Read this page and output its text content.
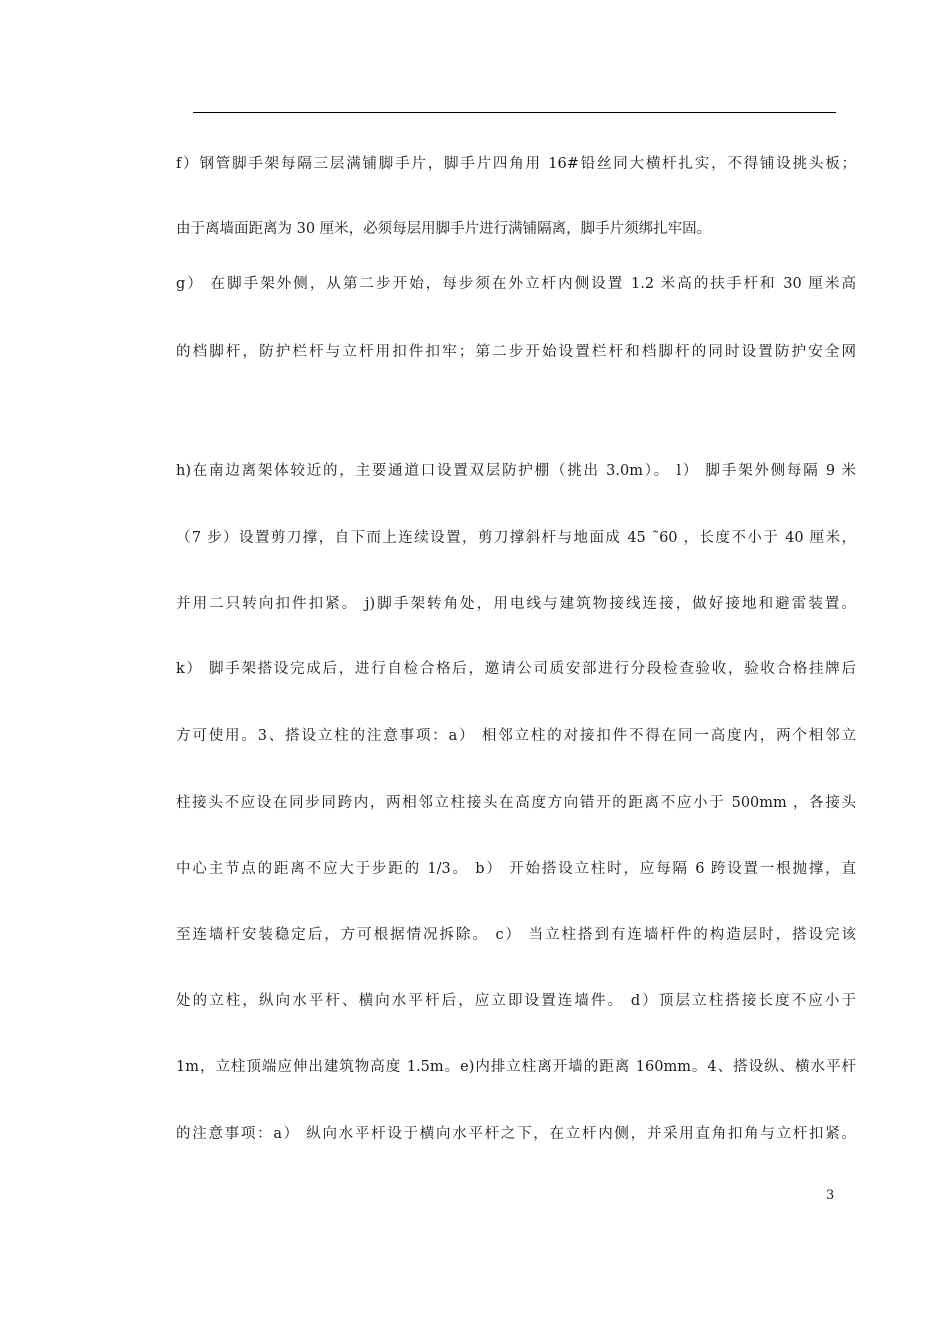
f）钢管脚手架每隔三层满铺脚手片，脚手片四角用 16#铅丝同大横杆扎实，不得铺设挑头板；
由于离墙面距离为 30 厘米，必须每层用脚手片进行满铺隔离，脚手片须绑扎牢固。
g） 在脚手架外侧，从第二步开始，每步须在外立杆内侧设置 1.2 米高的扶手杆和 30 厘米高
的档脚杆，防护栏杆与立杆用扣件扣牢；第二步开始设置栏杆和档脚杆的同时设置防护安全网
h)在南边离架体较近的，主要通道口设置双层防护棚（挑出 3.0m）。 l） 脚手架外侧每隔 9 米
（7 步）设置剪刀撑，自下而上连续设置，剪刀撑斜杆与地面成 45 ˜60 ，长度不小于 40 厘米，
并用二只转向扣件扣紧。 j)脚手架转角处，用电线与建筑物接线连接，做好接地和避雷装置。
k） 脚手架搭设完成后，进行自检合格后，邀请公司质安部进行分段检查验收，验收合格挂牌后
方可使用。3、搭设立柱的注意事项：a） 相邻立柱的对接扣件不得在同一高度内，两个相邻立
柱接头不应设在同步同跨内，两相邻立柱接头在高度方向错开的距离不应小于 500mm ，各接头
中心主节点的距离不应大于步距的 1/3。 b） 开始搭设立柱时，应每隔 6 跨设置一根抛撑，直
至连墙杆安装稳定后，方可根据情况拆除。 c） 当立柱搭到有连墙杆件的构造层时，搭设完该
处的立柱，纵向水平杆、横向水平杆后，应立即设置连墙件。 d）顶层立柱搭接长度不应小于
1m，立柱顶端应伸出建筑物高度 1.5m。e)内排立柱离开墙的距离 160mm。4、搭设纵、横水平杆
的注意事项：a） 纵向水平杆设于横向水平杆之下，在立杆内侧，并采用直角扣角与立杆扣紧。
3
